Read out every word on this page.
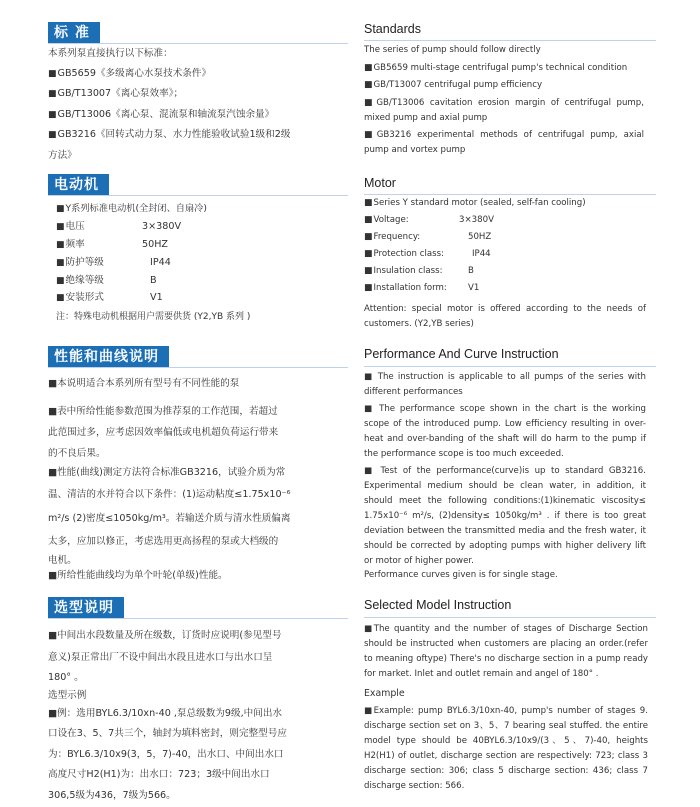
标 准
本系列泵直接执行以下标准：
■ GB5659《多级离心水泵技术条件》
■ GB/T13007《离心泵效率》；
■ GB/T13006《离心泵、混流泵和轴流泵汽蚀余量》
■ GB3216《回转式动力泵、水力性能验收试验1级和2级
方法》
电动机
■ Y系列标准电动机(全封闭、自扇冷)
■ 电压	3×380V
■ 频率	50HZ
■ 防护等级	IP44
■ 绝缘等级	B
■ 安装形式	V1
注：特殊电动机根据用户需要供货 (Y2,YB 系列 )
性能和曲线说明
■本说明适合本系列所有型号有不同性能的泵
■表中所给性能参数范围为推荐泵的工作范围，若超过
此范围过多，应考虑因效率偏低或电机超负荷运行带来
的不良后果。
■性能(曲线)测定方法符合标准GB3216，试验介质为常
温、清洁的水并符合以下条件：(1)运动粘度≤1.75x10⁻⁶
m²/s (2)密度≤1050kg/m³。若输送介质与清水性质偏离
太多，应加以修正，考虑选用更高扬程的泵或大档级的
电机。
■所给性能曲线均为单个叶轮(单级)性能。
选型说明
■中间出水段数量及所在级数，订货时应说明(参见型号
意义)泵正常出厂不设中间出水段且进水口与出水口呈
180° 。
选型示例
■例：选用BYL6.3/10xn-40 ,泵总级数为9级,中间出水
口设在3、5、7共三个，轴封为填料密封，则完整型号应
为：BYL6.3/10x9(3，5，7)-40，出水口、中间出水口
高度尺寸H2(H1)为：出水口：723；3级中间出水口
306,5级为436，7级为566。
Standards
The series of pump should follow directly
■ GB5659 multi-stage centrifugal pump's technical condition
■ GB/T13007 centrifugal pump efficiency
■ GB/T13006 cavitation erosion margin of centrifugal pump, mixed pump and axial pump
■ GB3216 experimental methods of centrifugal pump, axial pump and vortex pump
Motor
■ Series Y standard motor (sealed, self-fan cooling)
■ Voltage:	3×380V
■ Frequency:	50HZ
■ Protection class:	IP44
■ Insulation class:	B
■ Installation form: V1
Attention: special motor is offered according to the needs of customers. (Y2,YB series)
Performance And Curve Instruction
■ The instruction is applicable to all pumps of the series with different performances
■ The performance scope shown in the chart is the working scope of the introduced pump. Low efficiency resulting in over-heat and over-banding of the shaft will do harm to the pump if the performance scope is too much exceeded.
■ Test of the performance(curve)is up to standard GB3216. Experimental medium should be clean water, in addition, it should meet the following conditions:(1)kinematic viscosity≤ 1.75x10⁻⁶ m²/s, (2)density≤ 1050kg/m³ . if there is too great deviation between the transmitted media and the fresh water, it should be corrected by adopting pumps with higher delivery lift or motor of higher power.
Performance curves given is for single stage.
Selected Model Instruction
■The quantity and the number of stages of Discharge Section should be instructed when customers are placing an order.(refer to meaning oftype) There's no discharge section in a pump ready for market. Inlet and outlet remain and angel of 180° .
Example
■Example: pump BYL6.3/10xn-40, pump's number of stages 9. discharge section set on 3、5、7 bearing seal stuffed. the entire model type should be 40BYL6.3/10x9/(3、5、7)-40, heights H2(H1) of outlet, discharge section are respectively: 723; class 3 discharge section: 306; class 5 discharge section: 436; class 7 discharge section: 566.
